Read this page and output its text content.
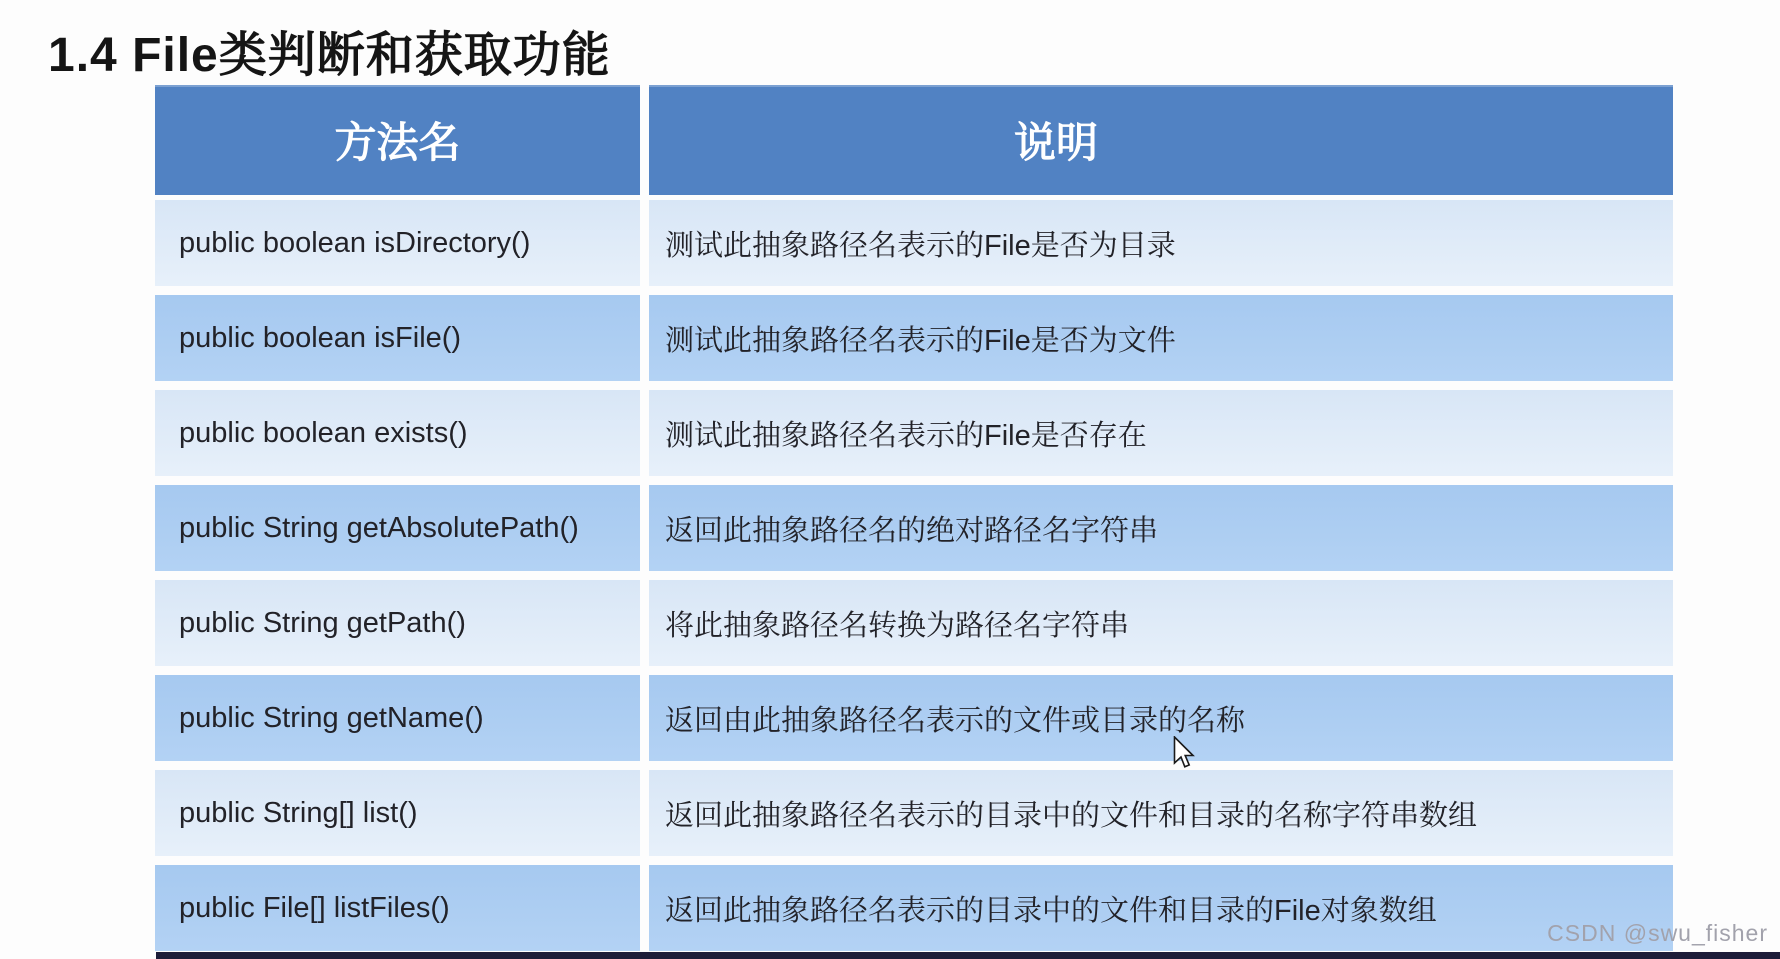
1.4 File类判断和获取功能
方法名	说明
public boolean isDirectory()	测试此抽象路径名表示的File是否为目录
public boolean isFile()	测试此抽象路径名表示的File是否为文件
public boolean exists()	测试此抽象路径名表示的File是否存在
public String getAbsolutePath()	返回此抽象路径名的绝对路径名字符串
public String getPath()	将此抽象路径名转换为路径名字符串
public String getName()	返回由此抽象路径名表示的文件或目录的名称
public String[] list()	返回此抽象路径名表示的目录中的文件和目录的名称字符串数组
public File[] listFiles()	返回此抽象路径名表示的目录中的文件和目录的File对象数组
CSDN @swu_fisher
